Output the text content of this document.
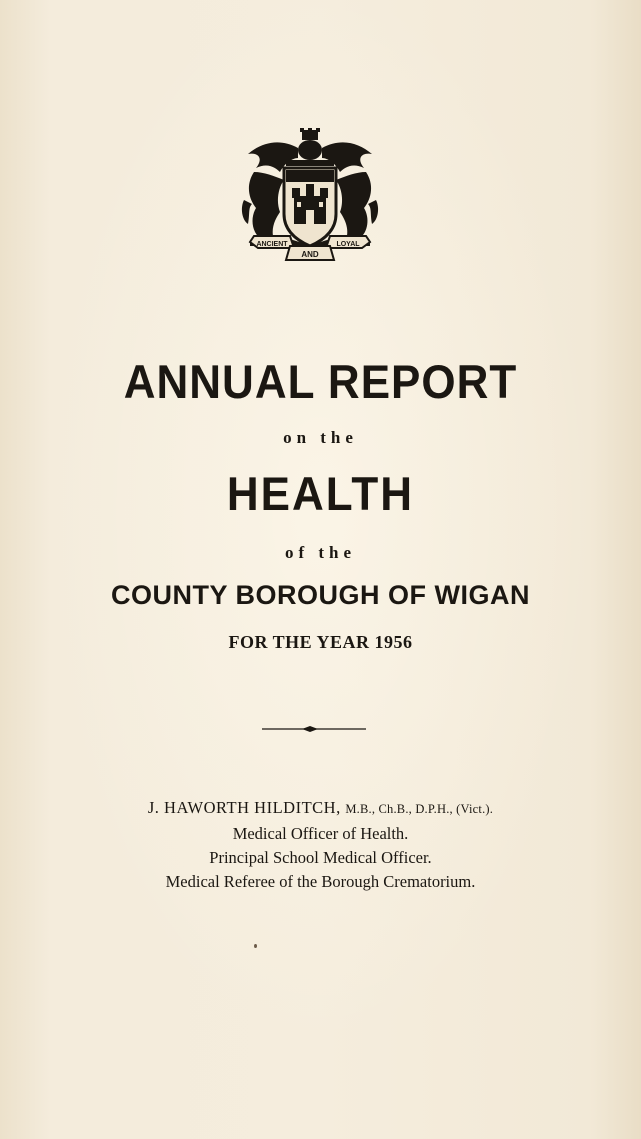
ANCIENT
AND
LOYAL
ANNUAL REPORT
on the
HEALTH
of the
COUNTY BOROUGH OF WIGAN
FOR THE YEAR 1956
J. HAWORTH HILDITCH, M.B., Ch.B., D.P.H., (Vict.).
Medical Officer of Health.
Principal School Medical Officer.
Medical Referee of the Borough Crematorium.
